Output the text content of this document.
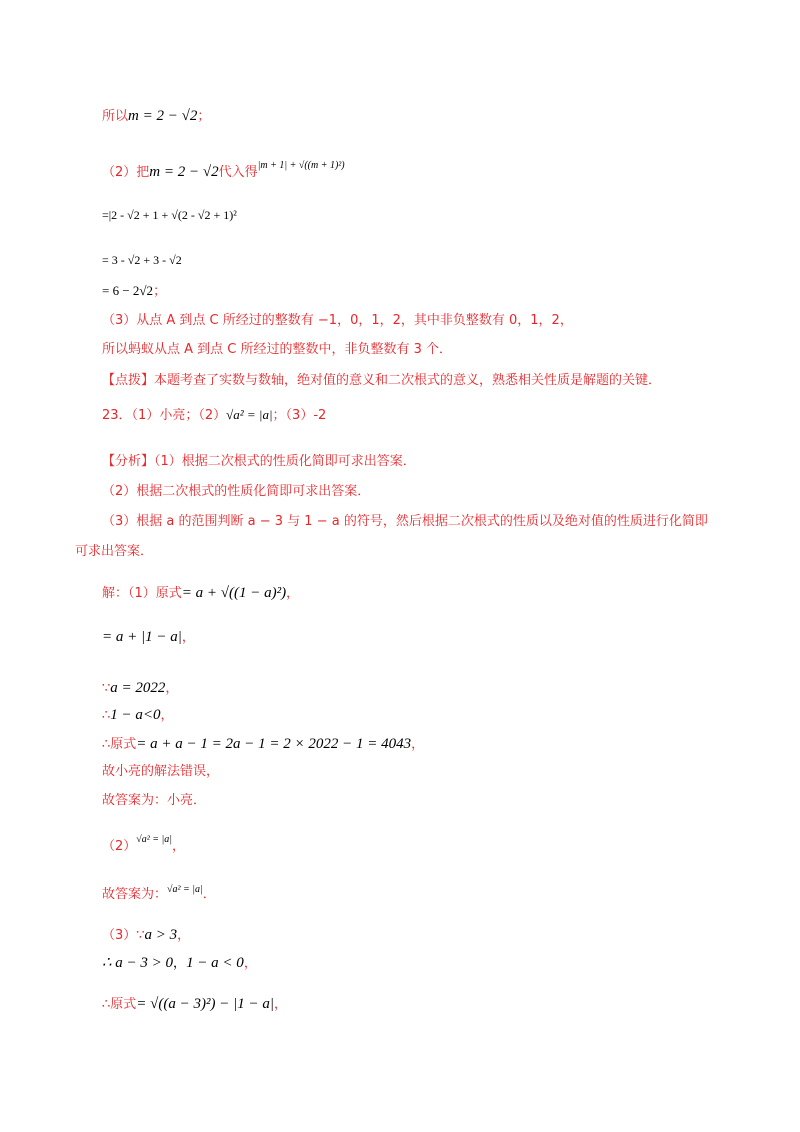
所以m = 2 − √2；
（2）把m = 2 − √2代入得$^{|m + 1| + √((m + 1)^2)}$
=|2 - √2 + 1 + √(2 - √2 + 1)²
= 3 - √2 + 3 - √2
= 6 − 2√2；
（3）从点 A 到点 C 所经过的整数有 −1，0，1，2，其中非负整数有 0，1，2，
所以蚂蚁从点 A 到点 C 所经过的整数中，非负整数有 3 个．
【点拨】本题考查了实数与数轴，绝对值的意义和二次根式的意义，熟悉相关性质是解题的关键．
23．（1）小亮；（2）√a² = |a|；（3）-2
【分析】（1）根据二次根式的性质化简即可求出答案．
（2）根据二次根式的性质化简即可求出答案．
（3）根据 a 的范围判断 a − 3 与 1 − a 的符号，然后根据二次根式的性质以及绝对值的性质进行化简即
可求出答案．
解：（1）原式= a + √((1 − a)²)，
= a + |1 − a|，
∵a = 2022，
∴1 − a<0，
∴原式= a + a − 1 = 2a − 1 = 2 × 2022 − 1 = 4043，
故小亮的解法错误，
故答案为：小亮．
$(2)^{√a^2 = |a|}$，
故答案为：$^{√a^2 = |a|}$．
（3）∵a > 3，
∴ a − 3 > 0，1 − a < 0，
∴原式= √((a − 3)²) − |1 − a|，
